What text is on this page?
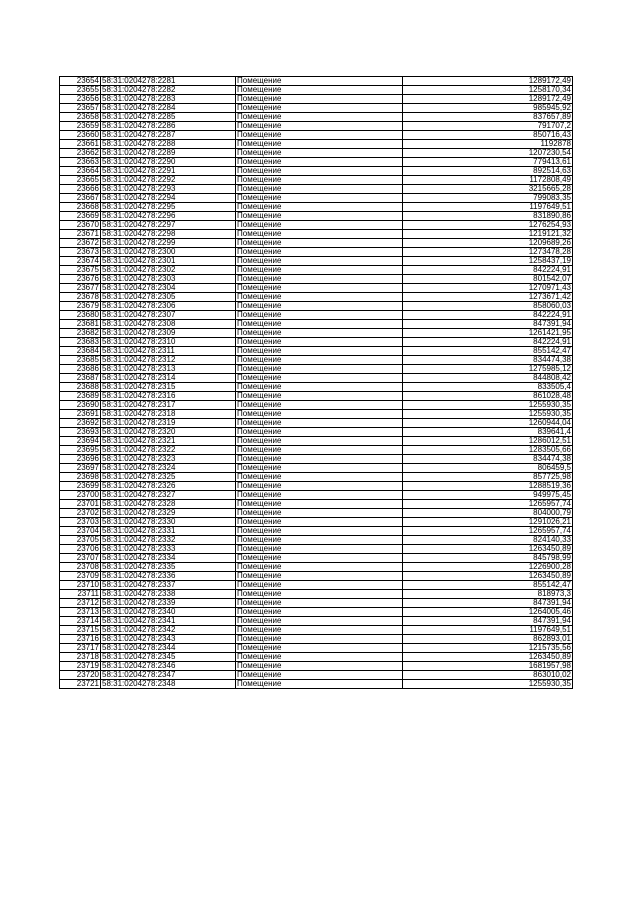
23654	58:31:0204278:2281	Помещение	1289172,49
23655	58:31:0204278:2282	Помещение	1258170,34
23656	58:31:0204278:2283	Помещение	1289172,49
23657	58:31:0204278:2284	Помещение	985945,92
23658	58:31:0204278:2285	Помещение	837657,89
23659	58:31:0204278:2286	Помещение	791707,2
23660	58:31:0204278:2287	Помещение	850716,43
23661	58:31:0204278:2288	Помещение	1192878
23662	58:31:0204278:2289	Помещение	1207230,54
23663	58:31:0204278:2290	Помещение	779413,61
23664	58:31:0204278:2291	Помещение	892514,63
23665	58:31:0204278:2292	Помещение	1172808,49
23666	58:31:0204278:2293	Помещение	3215665,28
23667	58:31:0204278:2294	Помещение	799083,35
23668	58:31:0204278:2295	Помещение	1197649,51
23669	58:31:0204278:2296	Помещение	831890,86
23670	58:31:0204278:2297	Помещение	1276254,93
23671	58:31:0204278:2298	Помещение	1219121,32
23672	58:31:0204278:2299	Помещение	1209689,26
23673	58:31:0204278:2300	Помещение	1273478,28
23674	58:31:0204278:2301	Помещение	1258437,19
23675	58:31:0204278:2302	Помещение	842224,91
23676	58:31:0204278:2303	Помещение	801542,07
23677	58:31:0204278:2304	Помещение	1270971,43
23678	58:31:0204278:2305	Помещение	1273671,42
23679	58:31:0204278:2306	Помещение	858060,03
23680	58:31:0204278:2307	Помещение	842224,91
23681	58:31:0204278:2308	Помещение	847391,94
23682	58:31:0204278:2309	Помещение	1261421,95
23683	58:31:0204278:2310	Помещение	842224,91
23684	58:31:0204278:2311	Помещение	855142,47
23685	58:31:0204278:2312	Помещение	834474,38
23686	58:31:0204278:2313	Помещение	1275985,12
23687	58:31:0204278:2314	Помещение	844808,42
23688	58:31:0204278:2315	Помещение	833505,4
23689	58:31:0204278:2316	Помещение	861028,48
23690	58:31:0204278:2317	Помещение	1255930,35
23691	58:31:0204278:2318	Помещение	1255930,35
23692	58:31:0204278:2319	Помещение	1260944,04
23693	58:31:0204278:2320	Помещение	839641,4
23694	58:31:0204278:2321	Помещение	1286012,51
23695	58:31:0204278:2322	Помещение	1283505,66
23696	58:31:0204278:2323	Помещение	834474,38
23697	58:31:0204278:2324	Помещение	806459,5
23698	58:31:0204278:2325	Помещение	857725,98
23699	58:31:0204278:2326	Помещение	1288519,36
23700	58:31:0204278:2327	Помещение	949975,45
23701	58:31:0204278:2328	Помещение	1265957,74
23702	58:31:0204278:2329	Помещение	804000,79
23703	58:31:0204278:2330	Помещение	1291026,21
23704	58:31:0204278:2331	Помещение	1265957,74
23705	58:31:0204278:2332	Помещение	824140,33
23706	58:31:0204278:2333	Помещение	1263450,89
23707	58:31:0204278:2334	Помещение	845798,99
23708	58:31:0204278:2335	Помещение	1226900,28
23709	58:31:0204278:2336	Помещение	1263450,89
23710	58:31:0204278:2337	Помещение	855142,47
23711	58:31:0204278:2338	Помещение	818973,3
23712	58:31:0204278:2339	Помещение	847391,94
23713	58:31:0204278:2340	Помещение	1264005,46
23714	58:31:0204278:2341	Помещение	847391,94
23715	58:31:0204278:2342	Помещение	1197649,51
23716	58:31:0204278:2343	Помещение	862893,01
23717	58:31:0204278:2344	Помещение	1215735,56
23718	58:31:0204278:2345	Помещение	1263450,89
23719	58:31:0204278:2346	Помещение	1681957,98
23720	58:31:0204278:2347	Помещение	863010,02
23721	58:31:0204278:2348	Помещение	1255930,35
